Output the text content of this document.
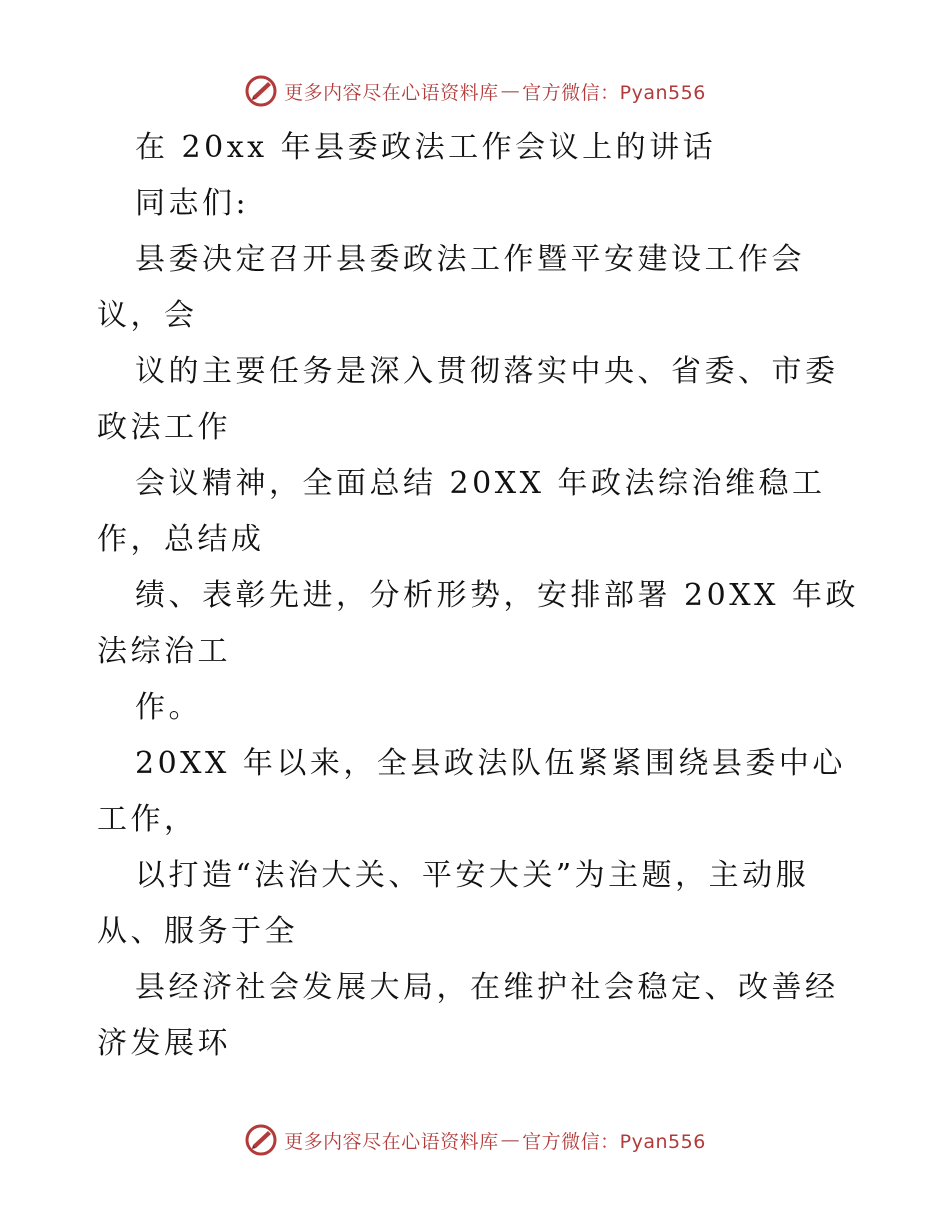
更多内容尽在心语资料库 — 官方微信：Pyan556

在 20xx 年县委政法工作会议上的讲话
同志们:
县委决定召开县委政法工作暨平安建设工作会
议，会
议的主要任务是深入贯彻落实中央、省委、市委
政法工作
会议精神，全面总结 20XX 年政法综治维稳工
作，总结成
绩、表彰先进，分析形势，安排部署 20XX 年政
法综治工
作。
20XX 年以来，全县政法队伍紧紧围绕县委中心
工作，
以打造“法治大关、平安大关”为主题，主动服
从、服务于全
县经济社会发展大局，在维护社会稳定、改善经
济发展环

更多内容尽在心语资料库 — 官方微信：Pyan556
